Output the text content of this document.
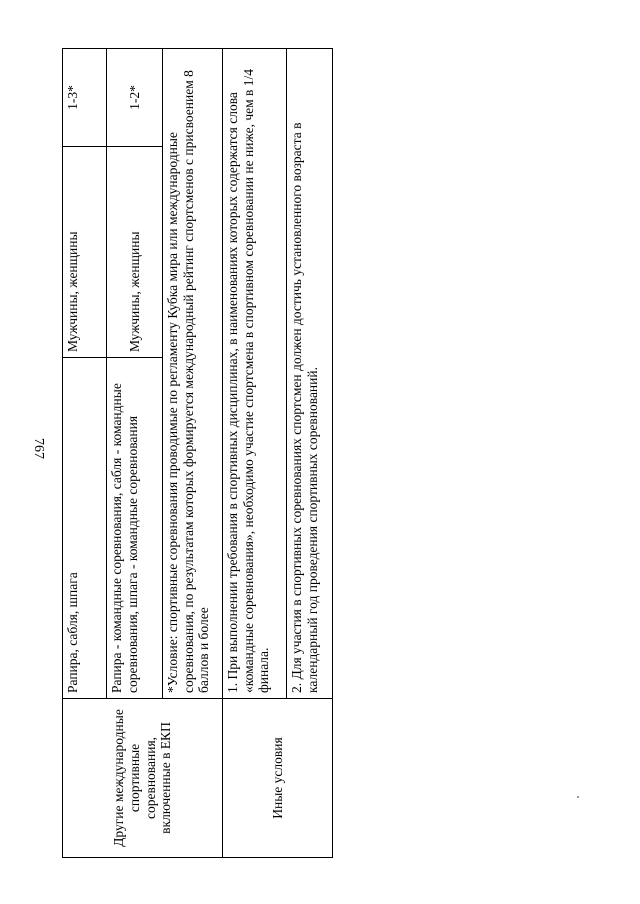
767
Другие международные спортивные соревнования, включенные в ЕКП	Рапира, сабля, шпага	Мужчины, женщины	1-3*
	Рапира - командные соревнования, сабля - командные соревнования, шпага - командные соревнования	Мужчины, женщины	1-2*
	*Условие: спортивные соревнования проводимые по регламенту Кубка мира или международные соревнования, по результатам которых формируется международный рейтинг спортсменов с присвоением 8 баллов и более		
Иные условия	1. При выполнении требования в спортивных дисциплинах, в наименованиях которых содержатся слова «командные соревнования», необходимо участие спортсмена в спортивном соревновании не ниже, чем в 1/4 финала.		
	2. Для участия в спортивных соревнованиях спортсмен должен достичь установленного возраста в календарный год проведения спортивных соревнований.		
